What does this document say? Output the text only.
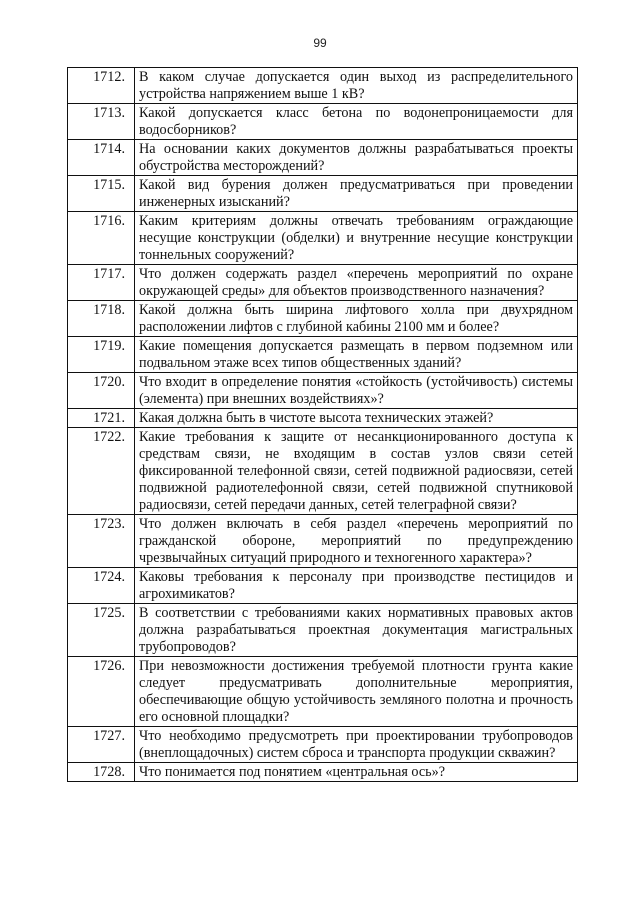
99
1712.	В каком случае допускается один выход из распределительного устройства напряжением выше 1 кВ?
1713.	Какой допускается класс бетона по водонепроницаемости для водосборников?
1714.	На основании каких документов должны разрабатываться проекты обустройства месторождений?
1715.	Какой вид бурения должен предусматриваться при проведении инженерных изысканий?
1716.	Каким критериям должны отвечать требованиям ограждающие несущие конструкции (обделки) и внутренние несущие конструкции тоннельных сооружений?
1717.	Что должен содержать раздел «перечень мероприятий по охране окружающей среды» для объектов производственного назначения?
1718.	Какой должна быть ширина лифтового холла при двухрядном расположении лифтов с глубиной кабины 2100 мм и более?
1719.	Какие помещения допускается размещать в первом подземном или подвальном этаже всех типов общественных зданий?
1720.	Что входит в определение понятия «стойкость (устойчивость) системы (элемента) при внешних воздействиях»?
1721.	Какая должна быть в чистоте высота технических этажей?
1722.	Какие требования к защите от несанкционированного доступа к средствам связи, не входящим в состав узлов связи сетей фиксированной телефонной связи, сетей подвижной радиосвязи, сетей подвижной радиотелефонной связи, сетей подвижной спутниковой радиосвязи, сетей передачи данных, сетей телеграфной связи?
1723.	Что должен включать в себя раздел «перечень мероприятий по гражданской обороне, мероприятий по предупреждению чрезвычайных ситуаций природного и техногенного характера»?
1724.	Каковы требования к персоналу при производстве пестицидов и агрохимикатов?
1725.	В соответствии с требованиями каких нормативных правовых актов должна разрабатываться проектная документация магистральных трубопроводов?
1726.	При невозможности достижения требуемой плотности грунта какие следует предусматривать дополнительные мероприятия, обеспечивающие общую устойчивость земляного полотна и прочность его основной площадки?
1727.	Что необходимо предусмотреть при проектировании трубопроводов (внеплощадочных) систем сброса и транспорта продукции скважин?
1728.	Что понимается под понятием «центральная ось»?
